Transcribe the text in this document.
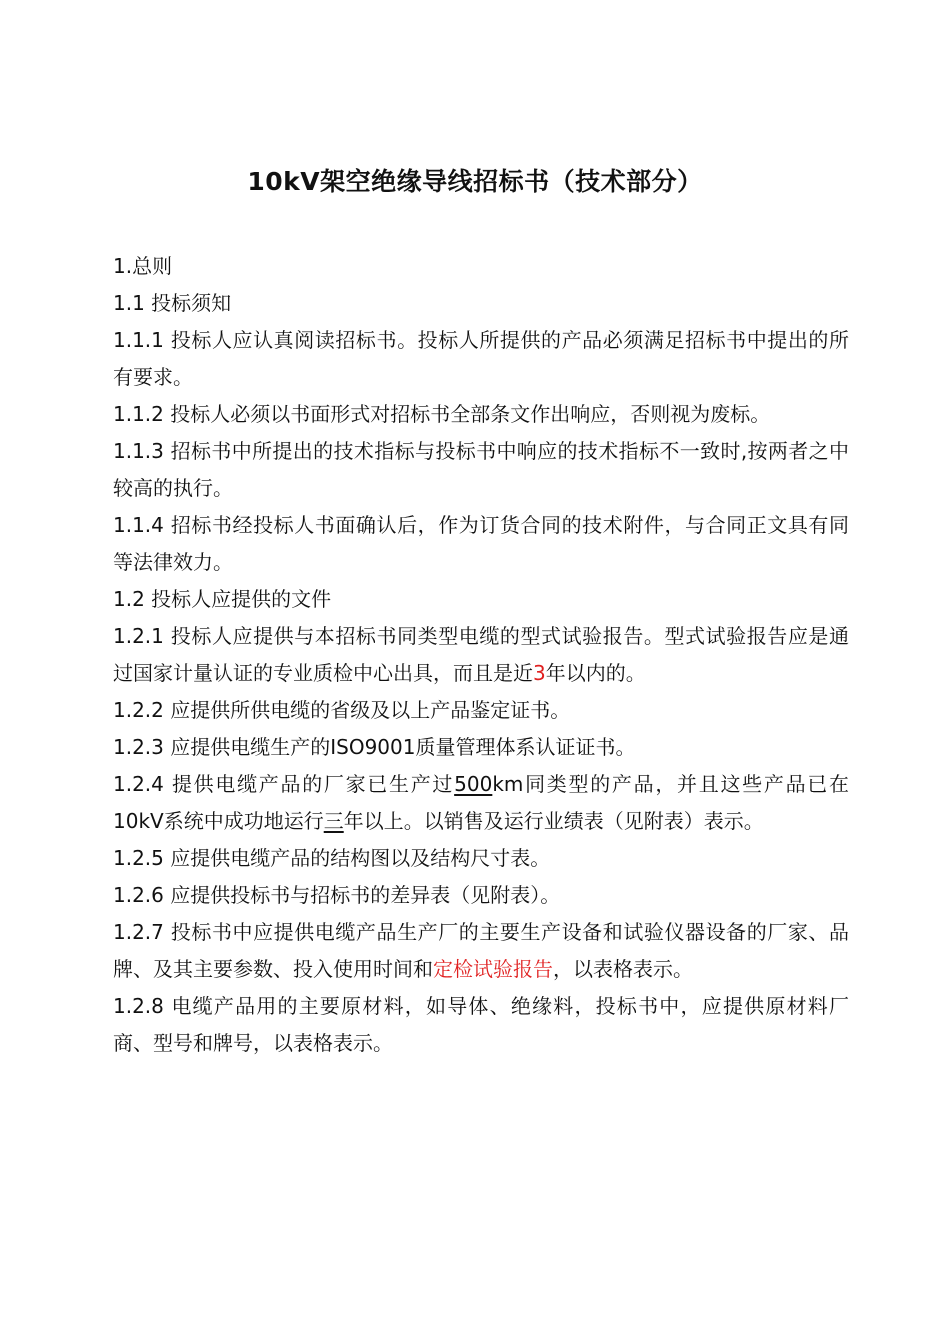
10kV架空绝缘导线招标书（技术部分）

1.总则

1.1 投标须知

1.1.1 投标人应认真阅读招标书。投标人所提供的产品必须满足招标书中提出的所有要求。

1.1.2 投标人必须以书面形式对招标书全部条文作出响应，否则视为废标。

1.1.3 招标书中所提出的技术指标与投标书中响应的技术指标不一致时,按两者之中较高的执行。

1.1.4 招标书经投标人书面确认后，作为订货合同的技术附件，与合同正文具有同等法律效力。

1.2 投标人应提供的文件

1.2.1 投标人应提供与本招标书同类型电缆的型式试验报告。型式试验报告应是通过国家计量认证的专业质检中心出具，而且是近3年以内的。

1.2.2 应提供所供电缆的省级及以上产品鉴定证书。

1.2.3 应提供电缆生产的ISO9001质量管理体系认证证书。

1.2.4 提供电缆产品的厂家已生产过500km同类型的产品，并且这些产品已在10kV系统中成功地运行三年以上。以销售及运行业绩表（见附表）表示。

1.2.5 应提供电缆产品的结构图以及结构尺寸表。

1.2.6 应提供投标书与招标书的差异表（见附表）。

1.2.7 投标书中应提供电缆产品生产厂的主要生产设备和试验仪器设备的厂家、品牌、及其主要参数、投入使用时间和定检试验报告，以表格表示。

1.2.8 电缆产品用的主要原材料，如导体、绝缘料，投标书中，应提供原材料厂商、型号和牌号，以表格表示。
